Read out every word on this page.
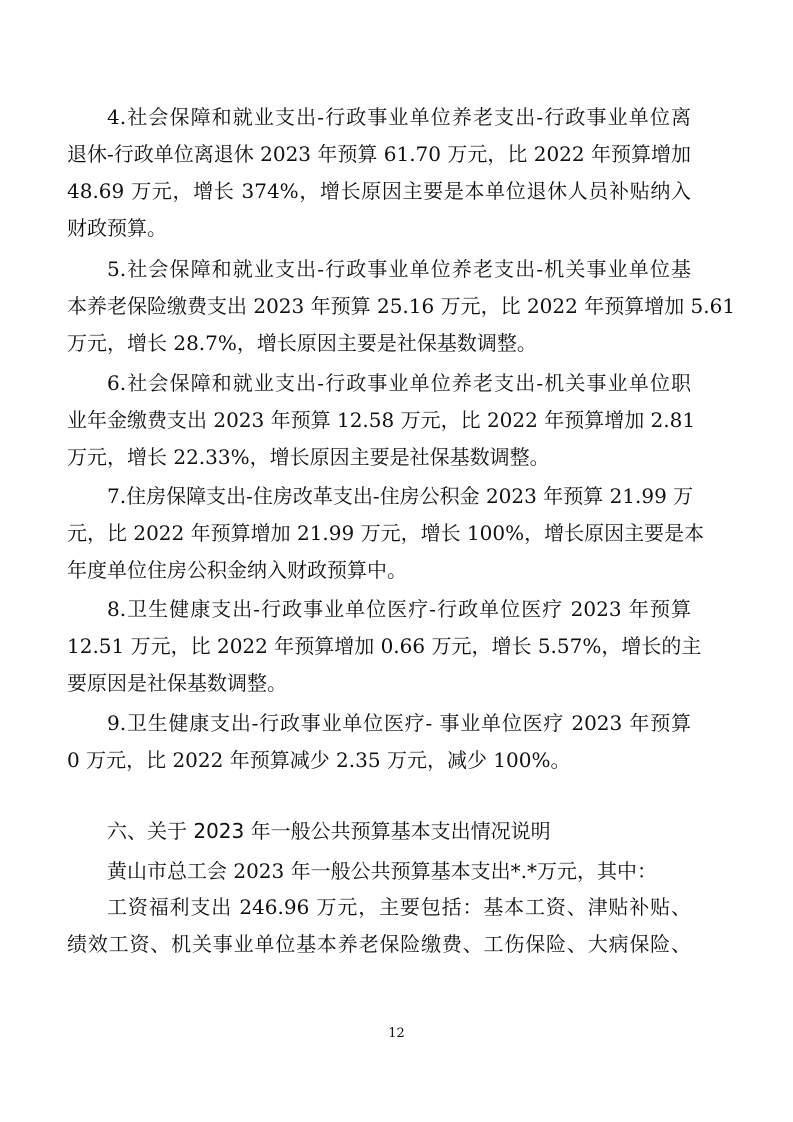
4.社会保障和就业支出-行政事业单位养老支出-行政事业单位离
退休-行政单位离退休 2023 年预算 61.70 万元，比 2022 年预算增加
48.69 万元，增长 374%，增长原因主要是本单位退休人员补贴纳入
财政预算。
5.社会保障和就业支出-行政事业单位养老支出-机关事业单位基
本养老保险缴费支出 2023 年预算 25.16 万元，比 2022 年预算增加 5.61
万元，增长 28.7%，增长原因主要是社保基数调整。
6.社会保障和就业支出-行政事业单位养老支出-机关事业单位职
业年金缴费支出 2023 年预算 12.58 万元，比 2022 年预算增加 2.81
万元，增长 22.33%，增长原因主要是社保基数调整。
7.住房保障支出-住房改革支出-住房公积金 2023 年预算 21.99 万
元，比 2022 年预算增加 21.99 万元，增长 100%，增长原因主要是本
年度单位住房公积金纳入财政预算中。
8.卫生健康支出-行政事业单位医疗-行政单位医疗 2023 年预算
12.51 万元，比 2022 年预算增加 0.66 万元，增长 5.57%，增长的主
要原因是社保基数调整。
9.卫生健康支出-行政事业单位医疗- 事业单位医疗 2023 年预算
0 万元，比 2022 年预算减少 2.35 万元，减少 100%。
六、关于 2023 年一般公共预算基本支出情况说明
黄山市总工会 2023 年一般公共预算基本支出*.*万元，其中：
工资福利支出 246.96 万元，主要包括：基本工资、津贴补贴、
绩效工资、机关事业单位基本养老保险缴费、工伤保险、大病保险、
12
